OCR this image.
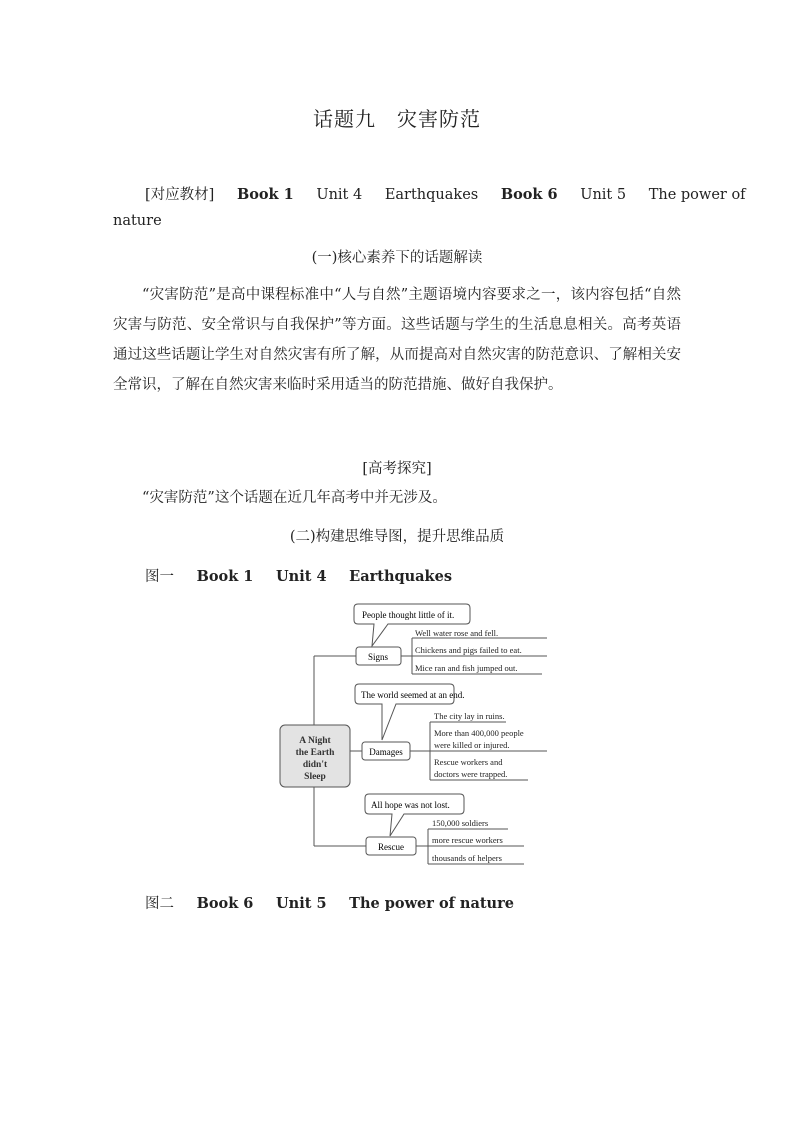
话题九　灾害防范
[对应教材] Book 1 Unit 4 Earthquakes Book 6 Unit 5 The power of
nature
(一)核心素养下的话题解读
“灾害防范”是高中课程标准中“人与自然”主题语境内容要求之一，该内容包括“自然灾害与防范、安全常识与自我保护”等方面。这些话题与学生的生活息息相关。高考英语通过这些话题让学生对自然灾害有所了解，从而提高对自然灾害的防范意识、了解相关安全常识，了解在自然灾害来临时采用适当的防范措施、做好自我保护。
[高考探究]
“灾害防范”这个话题在近几年高考中并无涉及。
(二)构建思维导图，提升思维品质
图一 Book 1 Unit 4 Earthquakes
A Night
the Earth
didn't
Sleep
Signs
Damages
Rescue
People thought little of it.
The world seemed at an end.
All hope was not lost.
Well water rose and fell.
Chickens and pigs failed to eat.
Mice ran and fish jumped out.
The city lay in ruins.
More than 400,000 people
were killed or injured.
Rescue workers and
doctors were trapped.
150,000 soldiers
more rescue workers
thousands of helpers
图二 Book 6 Unit 5 The power of nature
